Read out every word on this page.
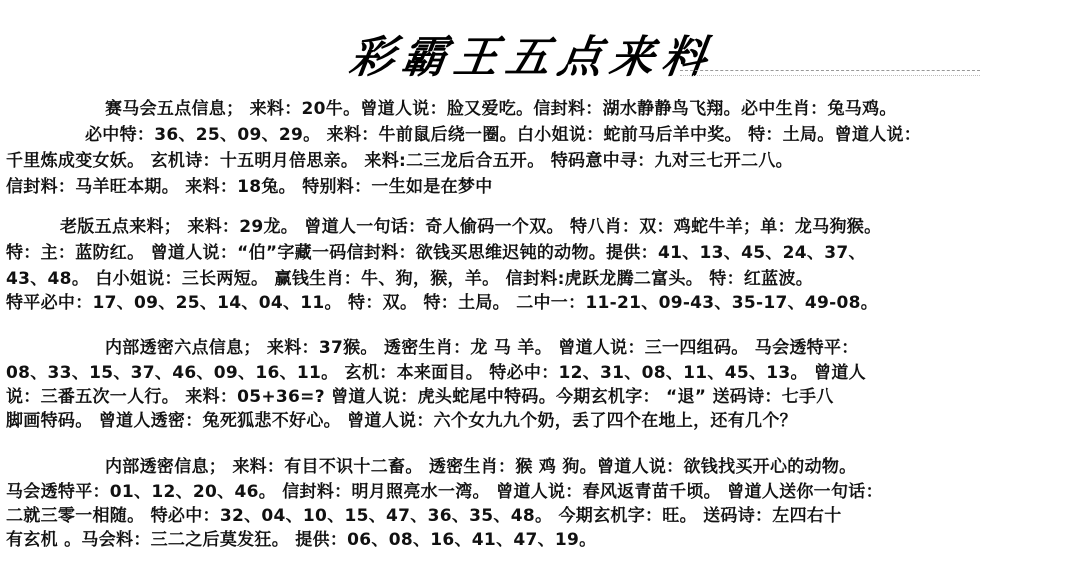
彩霸王五点来料
赛马会五点信息； 来料：20牛。曾道人说：脸又爱吃。信封料：湖水静静鸟飞翔。必中生肖：兔马鸡。
必中特：36、25、09、29。 来料：牛前鼠后绕一圈。白小姐说：蛇前马后羊中奖。 特：土局。曾道人说：
千里炼成变女妖。 玄机诗：十五明月倍思亲。 来料:二三龙后合五开。 特码意中寻：九对三七开二八。
信封料：马羊旺本期。 来料：18兔。 特别料：一生如是在梦中
老版五点来料； 来料：29龙。 曾道人一句话：奇人偷码一个双。 特八肖：双：鸡蛇牛羊；单：龙马狗猴。
特：主：蓝防红。 曾道人说：“伯”字藏一码信封料：欲钱买思维迟钝的动物。提供：41、13、45、24、37、
43、48。 白小姐说：三长两短。 赢钱生肖：牛、狗，猴，羊。 信封料:虎跃龙腾二富头。 特：红蓝波。
特平必中：17、09、25、14、04、11。 特：双。 特：土局。 二中一：11-21、09-43、35-17、49-08。
内部透密六点信息； 来料：37猴。 透密生肖：龙 马 羊。 曾道人说：三一四组码。 马会透特平：
08、33、15、37、46、09、16、11。 玄机：本来面目。 特必中：12、31、08、11、45、13。 曾道人
说：三番五次一人行。 来料：05+36=? 曾道人说：虎头蛇尾中特码。今期玄机字： “退” 送码诗：七手八
脚画特码。 曾道人透密：兔死狐悲不好心。 曾道人说：六个女九九个奶，丢了四个在地上，还有几个？
内部透密信息； 来料：有目不识十二畜。 透密生肖：猴 鸡 狗。曾道人说：欲钱找买开心的动物。
马会透特平：01、12、20、46。 信封料：明月照亮水一湾。 曾道人说：春风返青苗千顷。 曾道人送你一句话：
二就三零一相随。 特必中：32、04、10、15、47、36、35、48。 今期玄机字：旺。 送码诗：左四右十
有玄机 。马会料：三二之后莫发狂。 提供：06、08、16、41、47、19。
